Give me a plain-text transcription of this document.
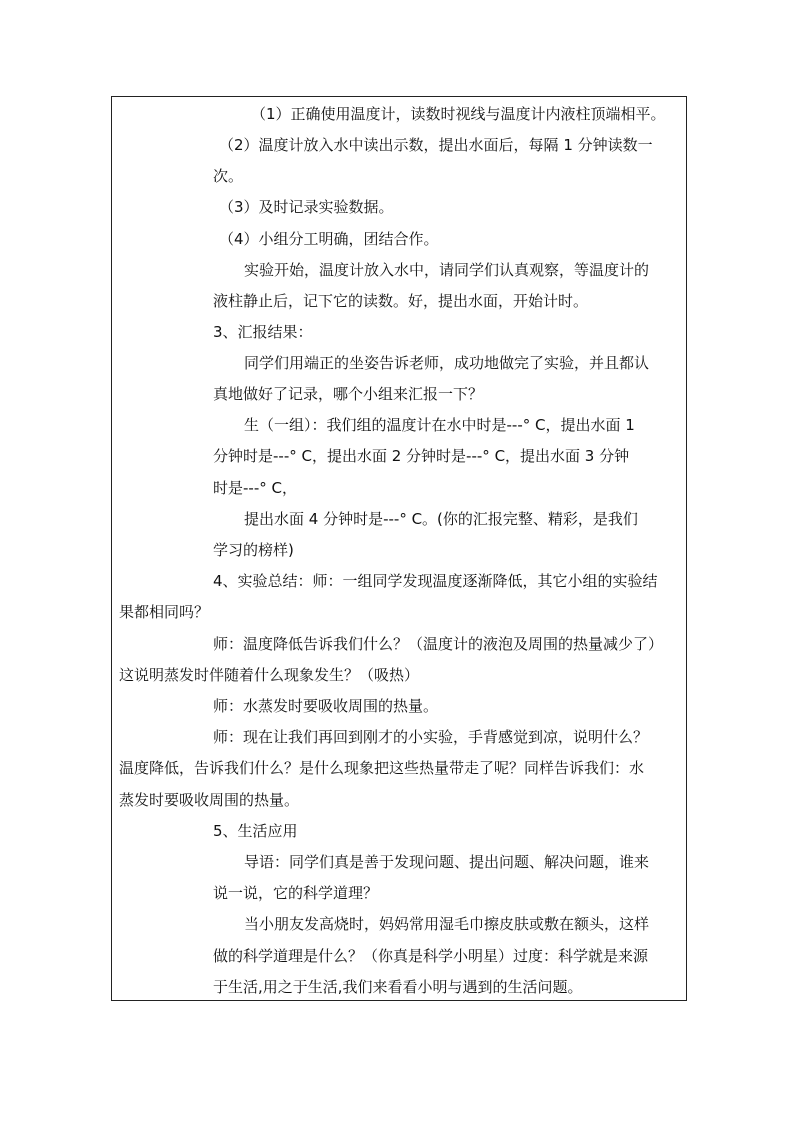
（1）正确使用温度计，读数时视线与温度计内液柱顶端相平。
（2）温度计放入水中读出示数，提出水面后，每隔 1 分钟读数一
次。
（3）及时记录实验数据。
（4）小组分工明确，团结合作。
实验开始，温度计放入水中，请同学们认真观察，等温度计的
液柱静止后，记下它的读数。好，提出水面，开始计时。
3、汇报结果：
同学们用端正的坐姿告诉老师，成功地做完了实验，并且都认
真地做好了记录，哪个小组来汇报一下？
生（一组）：我们组的温度计在水中时是---° C，提出水面 1
分钟时是---° C，提出水面 2 分钟时是---° C，提出水面 3 分钟
时是---° C，
提出水面 4 分钟时是---° C。(你的汇报完整、精彩，是我们
学习的榜样)
4、实验总结：师：一组同学发现温度逐渐降低，其它小组的实验结
果都相同吗？
师：温度降低告诉我们什么？（温度计的液泡及周围的热量减少了）
这说明蒸发时伴随着什么现象发生？（吸热）
师：水蒸发时要吸收周围的热量。
师：现在让我们再回到刚才的小实验，手背感觉到凉，说明什么？
温度降低，告诉我们什么？是什么现象把这些热量带走了呢？同样告诉我们：水
蒸发时要吸收周围的热量。
5、生活应用
导语：同学们真是善于发现问题、提出问题、解决问题，谁来
说一说，它的科学道理？
当小朋友发高烧时，妈妈常用湿毛巾擦皮肤或敷在额头，这样
做的科学道理是什么？（你真是科学小明星）过度：科学就是来源
于生活,用之于生活,我们来看看小明与遇到的生活问题。
